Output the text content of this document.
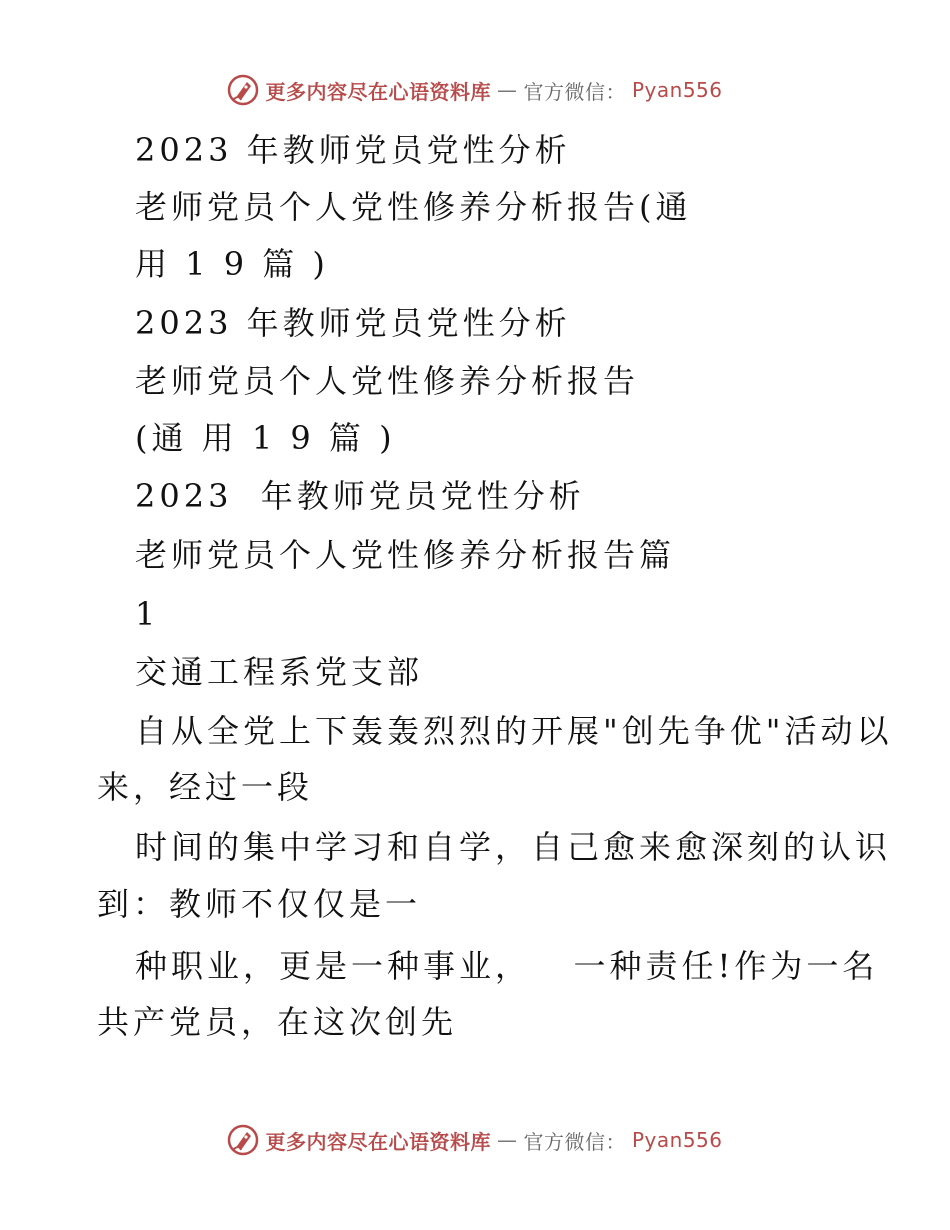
更多内容尽在心语资料库 — 官方微信： Pyan556
2023 年教师党员党性分析
老师党员个人党性修养分析报告(通
用 1 9 篇 )
2023 年教师党员党性分析
老师党员个人党性修养分析报告
(通 用 1 9 篇 )
2023  年教师党员党性分析
老师党员个人党性修养分析报告篇
1
交通工程系党支部
自从全党上下轰轰烈烈的开展"创先争优"活动以
来，经过一段
时间的集中学习和自学，自己愈来愈深刻的认识
到：教师不仅仅是一
种职业，更是一种事业，   一种责任!作为一名
共产党员，在这次创先
更多内容尽在心语资料库 — 官方微信： Pyan556
